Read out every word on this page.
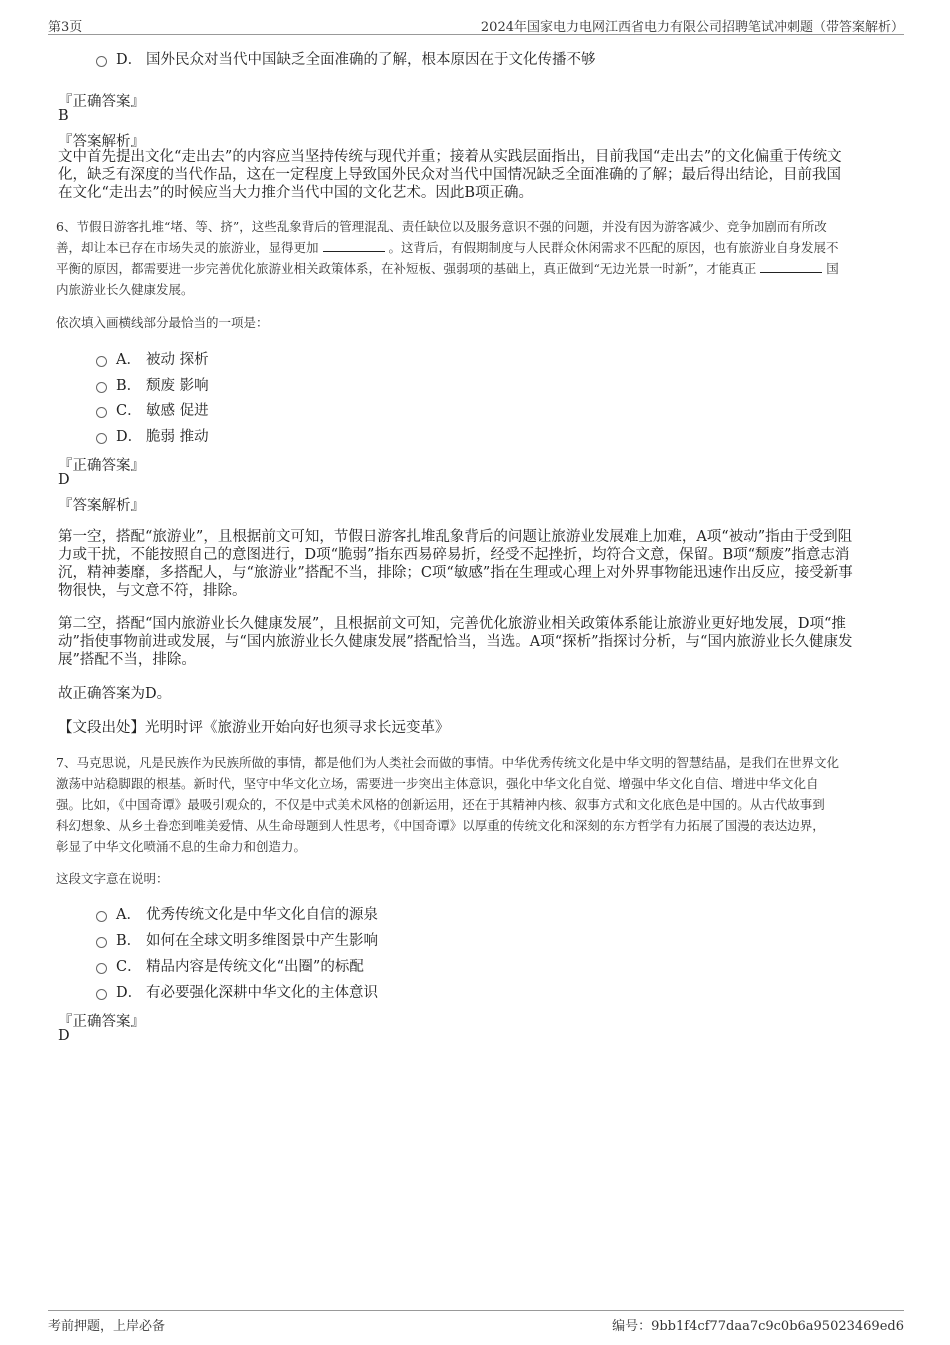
第3页	2024年国家电力电网江西省电力有限公司招聘笔试冲刺题（带答案解析）
D． 国外民众对当代中国缺乏全面准确的了解，根本原因在于文化传播不够
『正确答案』
B
『答案解析』
文中首先提出文化“走出去”的内容应当坚持传统与现代并重；接着从实践层面指出，目前我国“走出去”的文化偏重于传统文
化，缺乏有深度的当代作品，这在一定程度上导致国外民众对当代中国情况缺乏全面准确的了解；最后得出结论，目前我国
在文化“走出去”的时候应当大力推介当代中国的文化艺术。因此B项正确。
6、节假日游客扎堆“堵、等、挤”，这些乱象背后的管理混乱、责任缺位以及服务意识不强的问题，并没有因为游客减少、竞争加剧而有所改
善，却让本已存在市场失灵的旅游业，显得更加	。这背后，有假期制度与人民群众休闲需求不匹配的原因，也有旅游业自身发展不
平衡的原因，都需要进一步完善优化旅游业相关政策体系，在补短板、强弱项的基础上，真正做到“无边光景一时新”，才能真正	国
内旅游业长久健康发展。
依次填入画横线部分最恰当的一项是：
A． 被动 探析
B． 颓废 影响
C． 敏感 促进
D． 脆弱 推动
『正确答案』
D
『答案解析』
第一空，搭配“旅游业”，且根据前文可知，节假日游客扎堆乱象背后的问题让旅游业发展难上加难，A项“被动”指由于受到阻
力或干扰，不能按照自己的意图进行，D项“脆弱”指东西易碎易折，经受不起挫折，均符合文意，保留。B项“颓废”指意志消
沉，精神萎靡，多搭配人，与“旅游业”搭配不当，排除；C项“敏感”指在生理或心理上对外界事物能迅速作出反应，接受新事
物很快，与文意不符，排除。
第二空，搭配“国内旅游业长久健康发展”，且根据前文可知，完善优化旅游业相关政策体系能让旅游业更好地发展，D项“推
动”指使事物前进或发展，与“国内旅游业长久健康发展”搭配恰当，当选。A项“探析”指探讨分析，与“国内旅游业长久健康发
展”搭配不当，排除。
故正确答案为D。
【文段出处】光明时评《旅游业开始向好也须寻求长远变革》
7、马克思说，凡是民族作为民族所做的事情，都是他们为人类社会而做的事情。中华优秀传统文化是中华文明的智慧结晶，是我们在世界文化
激荡中站稳脚跟的根基。新时代，坚守中华文化立场，需要进一步突出主体意识，强化中华文化自觉、增强中华文化自信、增进中华文化自
强。比如，《中国奇谭》最吸引观众的，不仅是中式美术风格的创新运用，还在于其精神内核、叙事方式和文化底色是中国的。从古代故事到
科幻想象、从乡土眷恋到唯美爱情、从生命母题到人性思考，《中国奇谭》以厚重的传统文化和深刻的东方哲学有力拓展了国漫的表达边界，
彰显了中华文化喷涌不息的生命力和创造力。
这段文字意在说明：
A． 优秀传统文化是中华文化自信的源泉
B． 如何在全球文明多维图景中产生影响
C． 精品内容是传统文化“出圈”的标配
D． 有必要强化深耕中华文化的主体意识
『正确答案』
D
考前押题，上岸必备	编号：9bb1f4cf77daa7c9c0b6a95023469ed6
